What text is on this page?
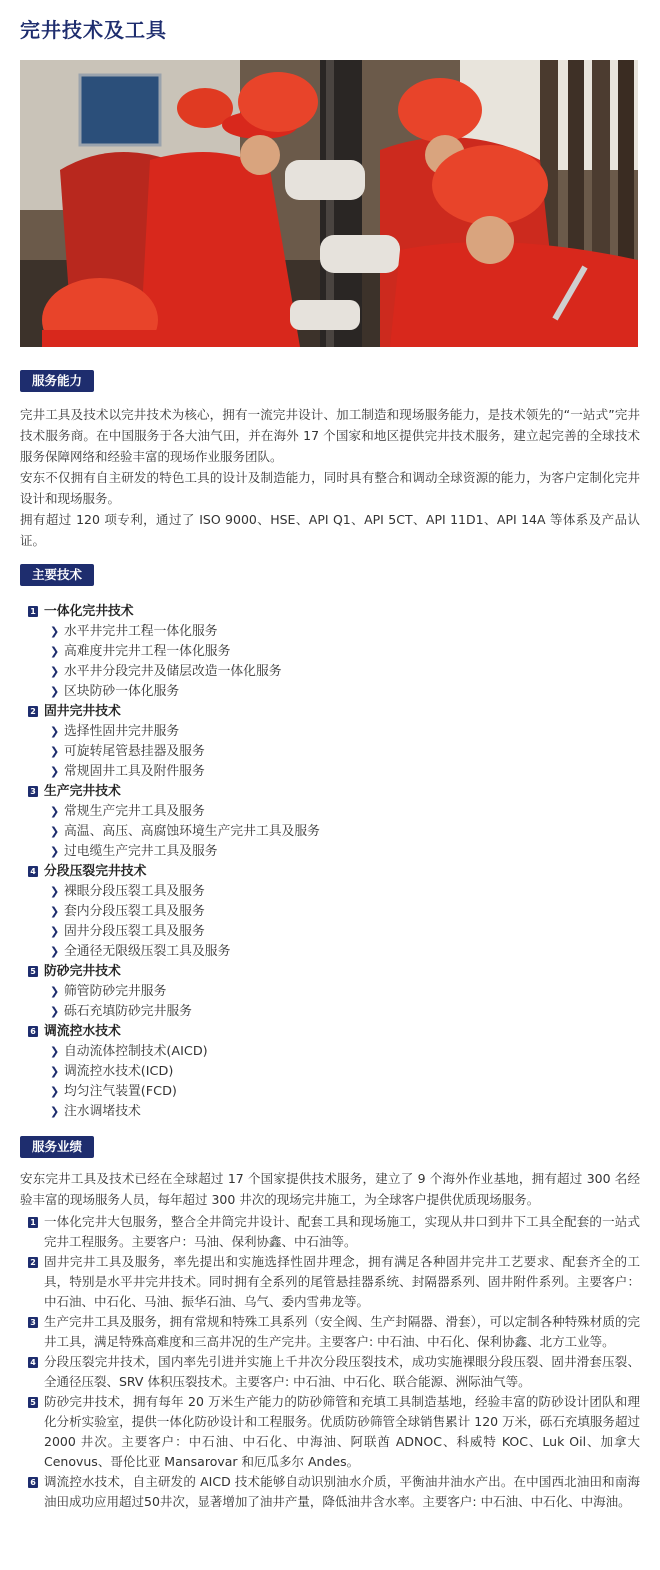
完井技术及工具
服务能力

完井工具及技术以完井技术为核心，拥有一流完井设计、加工制造和现场服务能力，是技术领先的“一站式”完井技术服务商。在中国服务于各大油气田，并在海外 17 个国家和地区提供完井技术服务，建立起完善的全球技术服务保障网络和经验丰富的现场作业服务团队。

安东不仅拥有自主研发的特色工具的设计及制造能力，同时具有整合和调动全球资源的能力，为客户定制化完井设计和现场服务。

拥有超过 120 项专利，通过了 ISO 9000、HSE、API Q1、API 5CT、API 11D1、API 14A 等体系及产品认证。

主要技术
1 一体化完井技术
❯ 水平井完井工程一体化服务
❯ 高难度井完井工程一体化服务
❯ 水平井分段完井及储层改造一体化服务
❯ 区块防砂一体化服务
2 固井完井技术
❯ 选择性固井完井服务
❯ 可旋转尾管悬挂器及服务
❯ 常规固井工具及附件服务
3 生产完井技术
❯ 常规生产完井工具及服务
❯ 高温、高压、高腐蚀环境生产完井工具及服务
❯ 过电缆生产完井工具及服务
4 分段压裂完井技术
❯ 裸眼分段压裂工具及服务
❯ 套内分段压裂工具及服务
❯ 固井分段压裂工具及服务
❯ 全通径无限级压裂工具及服务
5 防砂完井技术
❯ 筛管防砂完井服务
❯ 砾石充填防砂完井服务
6 调流控水技术
❯ 自动流体控制技术(AICD)
❯ 调流控水技术(ICD)
❯ 均匀注气装置(FCD)
❯ 注水调堵技术
服务业绩

安东完井工具及技术已经在全球超过 17 个国家提供技术服务，建立了 9 个海外作业基地，拥有超过 300 名经验丰富的现场服务人员，每年超过 300 井次的现场完井施工，为全球客户提供优质现场服务。

1 一体化完井大包服务，整合全井筒完井设计、配套工具和现场施工，实现从井口到井下工具全配套的一站式完井工程服务。主要客户：马油、保利协鑫、中石油等。
2 固井完井工具及服务，率先提出和实施选择性固井理念，拥有满足各种固井完井工艺要求、配套齐全的工具，特别是水平井完井技术。同时拥有全系列的尾管悬挂器系统、封隔器系列、固井附件系列。主要客户：中石油、中石化、马油、振华石油、乌气、委内雪弗龙等。
3 生产完井工具及服务，拥有常规和特殊工具系列（安全阀、生产封隔器、滑套），可以定制各种特殊材质的完井工具，满足特殊高难度和三高井况的生产完井。主要客户: 中石油、中石化、保利协鑫、北方工业等。
4 分段压裂完井技术，国内率先引进并实施上千井次分段压裂技术，成功实施裸眼分段压裂、固井滑套压裂、全通径压裂、SRV 体积压裂技术。主要客户: 中石油、中石化、联合能源、洲际油气等。
5 防砂完井技术，拥有每年 20 万米生产能力的防砂筛管和充填工具制造基地，经验丰富的防砂设计团队和理化分析实验室，提供一体化防砂设计和工程服务。优质防砂筛管全球销售累计 120 万米，砾石充填服务超过 2000 井次。主要客户：中石油、中石化、中海油、阿联酋 ADNOC、科威特 KOC、Luk Oil、加拿大 Cenovus、哥伦比亚 Mansarovar 和厄瓜多尔 Andes。
6 调流控水技术，自主研发的 AICD 技术能够自动识别油水介质，平衡油井油水产出。在中国西北油田和南海油田成功应用超过50井次，显著增加了油井产量，降低油井含水率。主要客户: 中石油、中石化、中海油。
